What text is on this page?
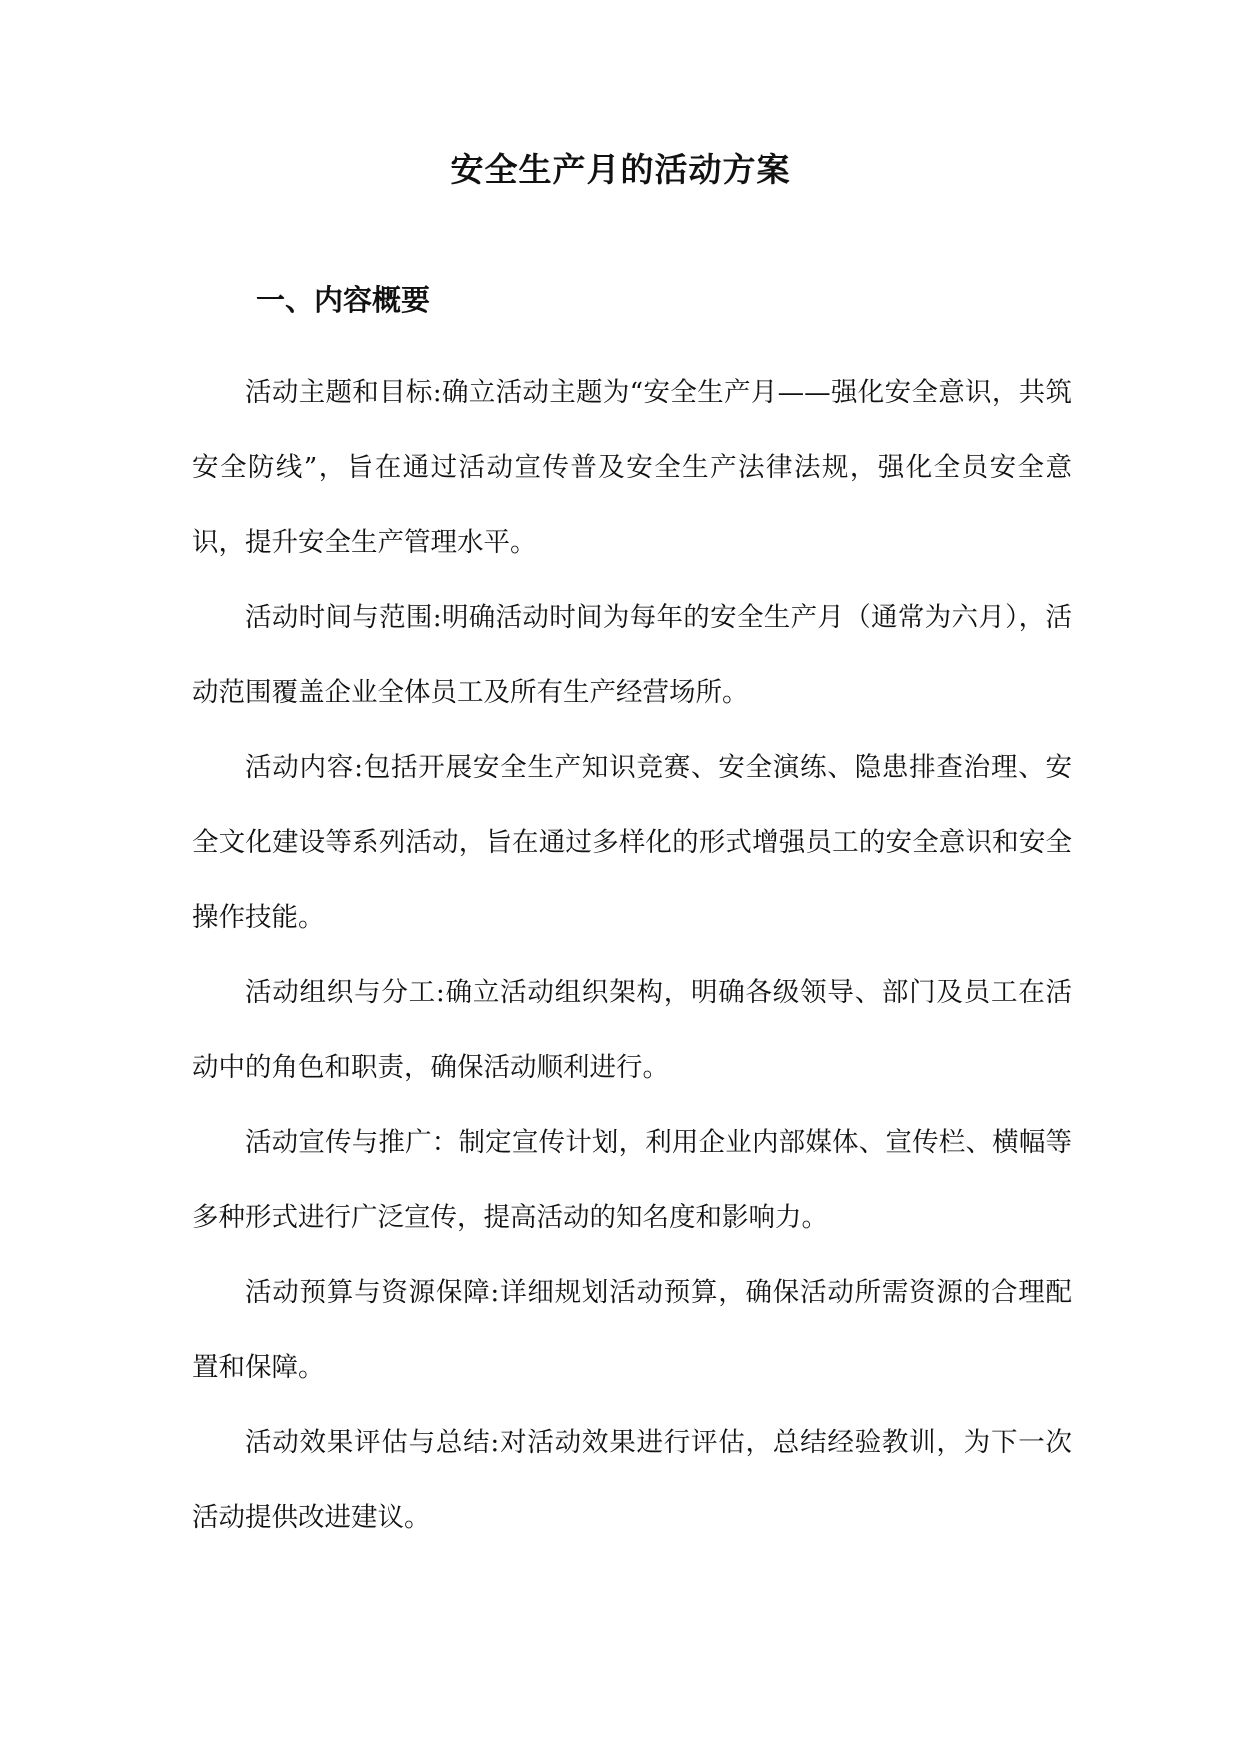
安全生产月的活动方案
一、内容概要

活动主题和目标:确立活动主题为“安全生产月——强化安全意识，共筑安全防线”，旨在通过活动宣传普及安全生产法律法规，强化全员安全意识，提升安全生产管理水平。

活动时间与范围:明确活动时间为每年的安全生产月（通常为六月），活动范围覆盖企业全体员工及所有生产经营场所。

活动内容:包括开展安全生产知识竞赛、安全演练、隐患排查治理、安全文化建设等系列活动，旨在通过多样化的形式增强员工的安全意识和安全操作技能。

活动组织与分工:确立活动组织架构，明确各级领导、部门及员工在活动中的角色和职责，确保活动顺利进行。

活动宣传与推广：制定宣传计划，利用企业内部媒体、宣传栏、横幅等多种形式进行广泛宣传，提高活动的知名度和影响力。

活动预算与资源保障:详细规划活动预算，确保活动所需资源的合理配置和保障。

活动效果评估与总结:对活动效果进行评估，总结经验教训，为下一次活动提供改进建议。
